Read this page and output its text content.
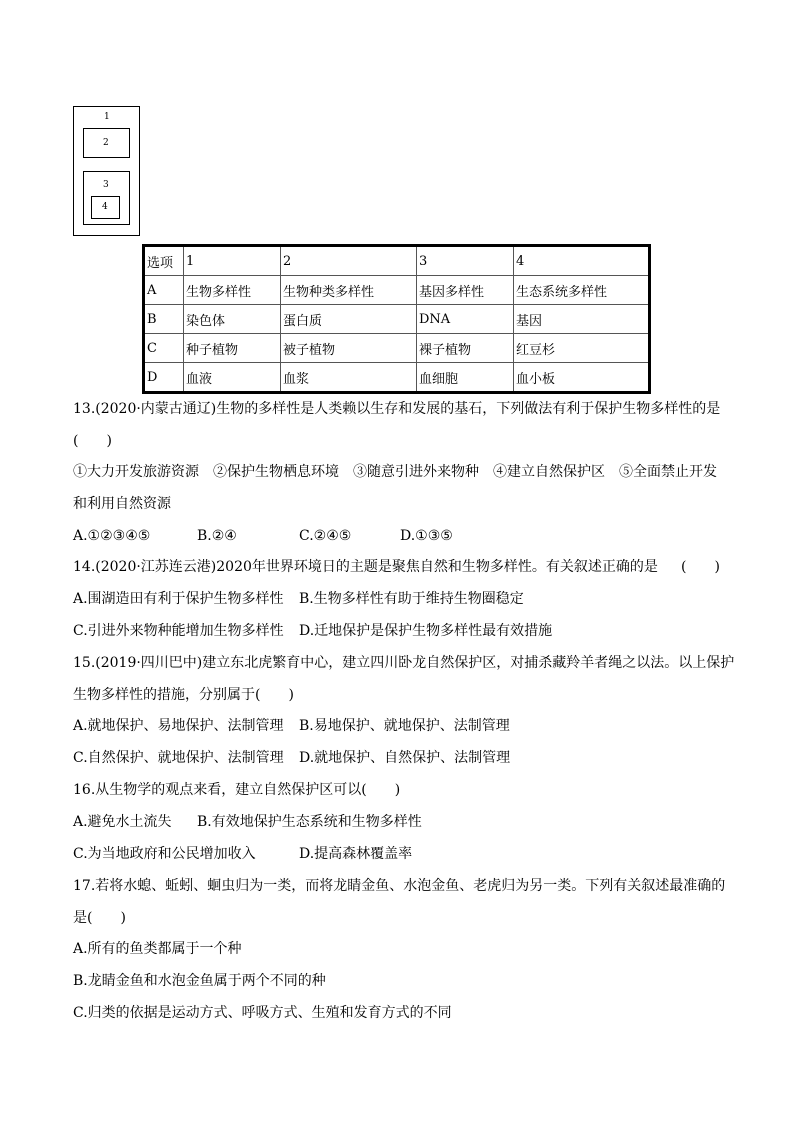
1
2
3
4
选项	1	2	3	4
A	生物多样性	生物种类多样性	基因多样性	生态系统多样性
B	染色体	蛋白质	DNA	基因
C	种子植物	被子植物	裸子植物	红豆杉
D	血液	血浆	血细胞	血小板
13.(2020·内蒙古通辽)生物的多样性是人类赖以生存和发展的基石，下列做法有利于保护生物多样性的是
(　　)
①大力开发旅游资源　②保护生物栖息环境　③随意引进外来物种　④建立自然保护区　⑤全面禁止开发
和利用自然资源
A.①②③④⑤	B.②④	C.②④⑤	D.①③⑤
14.(2020·江苏连云港)2020年世界环境日的主题是聚焦自然和生物多样性。有关叙述正确的是 (　　)
A.围湖造田有利于保护生物多样性 B.生物多样性有助于维持生物圈稳定
C.引进外来物种能增加生物多样性 D.迁地保护是保护生物多样性最有效措施
15.(2019·四川巴中)建立东北虎繁育中心，建立四川卧龙自然保护区，对捕杀藏羚羊者绳之以法。以上保护
生物多样性的措施，分别属于(　　)
A.就地保护、易地保护、法制管理 B.易地保护、就地保护、法制管理
C.自然保护、就地保护、法制管理 D.就地保护、自然保护、法制管理
16.从生物学的观点来看，建立自然保护区可以(　　)
A.避免水土流失 B.有效地保护生态系统和生物多样性
C.为当地政府和公民增加收入	D.提高森林覆盖率
17.若将水螅、蚯蚓、蛔虫归为一类，而将龙睛金鱼、水泡金鱼、老虎归为另一类。下列有关叙述最准确的
是(　　)
A.所有的鱼类都属于一个种
B.龙睛金鱼和水泡金鱼属于两个不同的种
C.归类的依据是运动方式、呼吸方式、生殖和发育方式的不同
